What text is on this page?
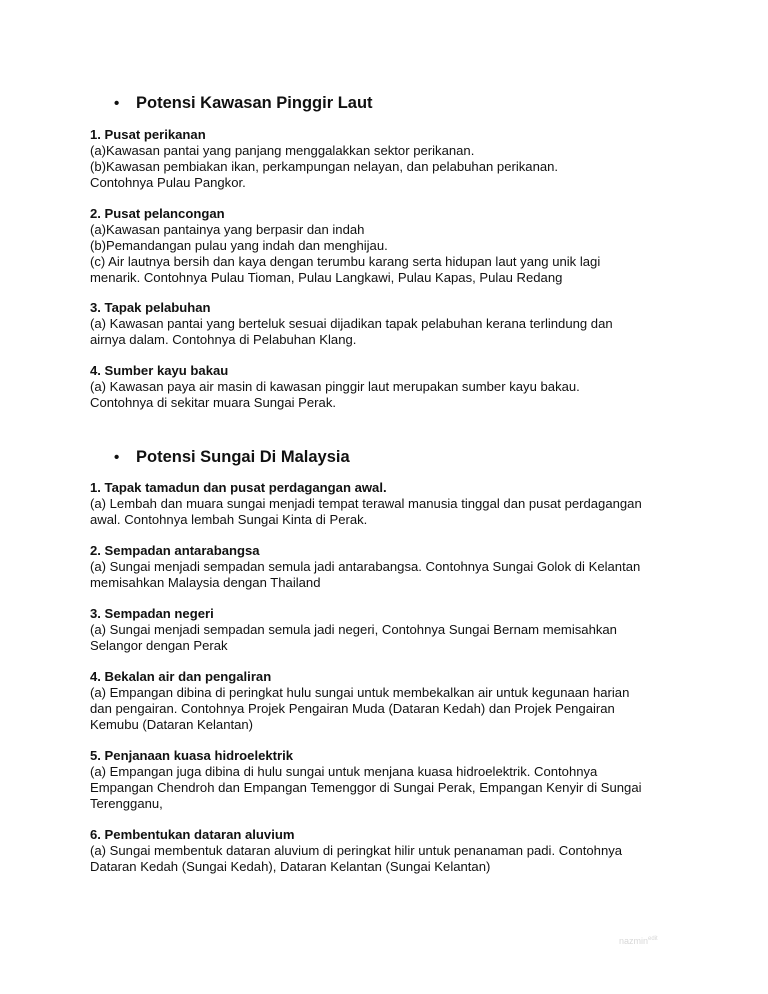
• Potensi Kawasan Pinggir Laut
1. Pusat perikanan
(a)Kawasan pantai yang panjang menggalakkan sektor perikanan.
(b)Kawasan pembiakan ikan, perkampungan nelayan, dan pelabuhan perikanan.
Contohnya Pulau Pangkor.
2. Pusat pelancongan
(a)Kawasan pantainya yang berpasir dan indah
(b)Pemandangan pulau yang indah dan menghijau.
(c) Air lautnya bersih dan kaya dengan terumbu karang serta hidupan laut yang unik lagi
menarik. Contohnya Pulau Tioman, Pulau Langkawi, Pulau Kapas, Pulau Redang
3. Tapak pelabuhan
(a) Kawasan pantai yang berteluk sesuai dijadikan tapak pelabuhan kerana terlindung dan
airnya dalam. Contohnya di Pelabuhan Klang.
4. Sumber kayu bakau
(a) Kawasan paya air masin di kawasan pinggir laut merupakan sumber kayu bakau.
Contohnya di sekitar muara Sungai Perak.
• Potensi Sungai Di Malaysia
1. Tapak tamadun dan pusat perdagangan awal.
(a) Lembah dan muara sungai menjadi tempat terawal manusia tinggal dan pusat perdagangan
awal. Contohnya lembah Sungai Kinta di Perak.
2. Sempadan antarabangsa
(a) Sungai menjadi sempadan semula jadi antarabangsa. Contohnya Sungai Golok di Kelantan
memisahkan Malaysia dengan Thailand
3. Sempadan negeri
(a) Sungai menjadi sempadan semula jadi negeri, Contohnya Sungai Bernam memisahkan
Selangor dengan Perak
4. Bekalan air dan pengaliran
(a) Empangan dibina di peringkat hulu sungai untuk membekalkan air untuk kegunaan harian
dan pengairan. Contohnya Projek Pengairan Muda (Dataran Kedah) dan Projek Pengairan
Kemubu (Dataran Kelantan)
5. Penjanaan kuasa hidroelektrik
(a) Empangan juga dibina di hulu sungai untuk menjana kuasa hidroelektrik. Contohnya
Empangan Chendroh dan Empangan Temenggor di Sungai Perak, Empangan Kenyir di Sungai
Terengganu,
6. Pembentukan dataran aluvium
(a) Sungai membentuk dataran aluvium di peringkat hilir untuk penanaman padi. Contohnya
Dataran Kedah (Sungai Kedah), Dataran Kelantan (Sungai Kelantan)
nazmin$^{edit}$
